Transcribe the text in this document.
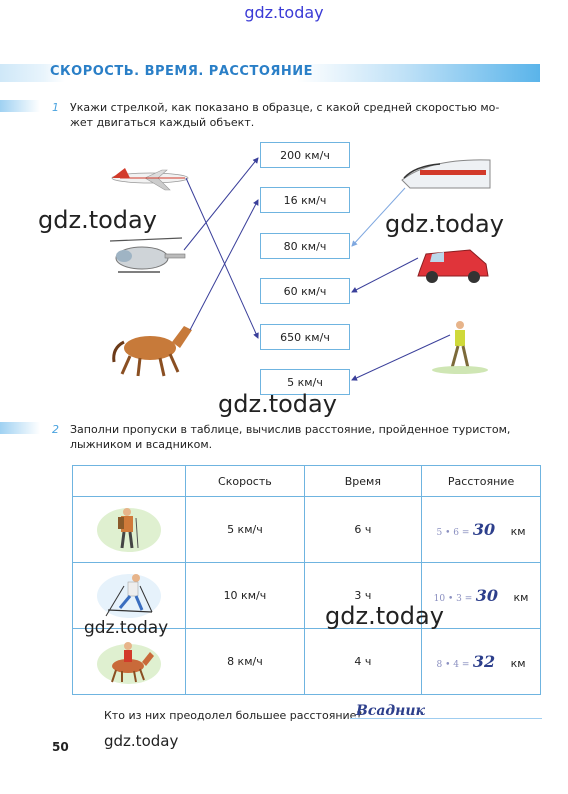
gdz.today
СКОРОСТЬ. ВРЕМЯ. РАССТОЯНИЕ
1 Укажи стрелкой, как показано в образце, с какой средней скоростью мо-
жет двигаться каждый объект.
200 км/ч
16 км/ч
80 км/ч
60 км/ч
650 км/ч
5 км/ч
gdz.today	gdz.today
gdz.today
2 Заполни пропуски в таблице, вычислив расстояние, пройденное туристом,
лыжником и всадником.
	Скорость	Время	Расстояние
	5 км/ч	6 ч	5 • 6 = 30 км
	10 км/ч	3 ч	10 • 3 = 30 км
	8 км/ч	4 ч	8 • 4 = 32 км
gdz.today	gdz.today
Кто из них преодолел большее расстояние?
Всадник
50 gdz.today
